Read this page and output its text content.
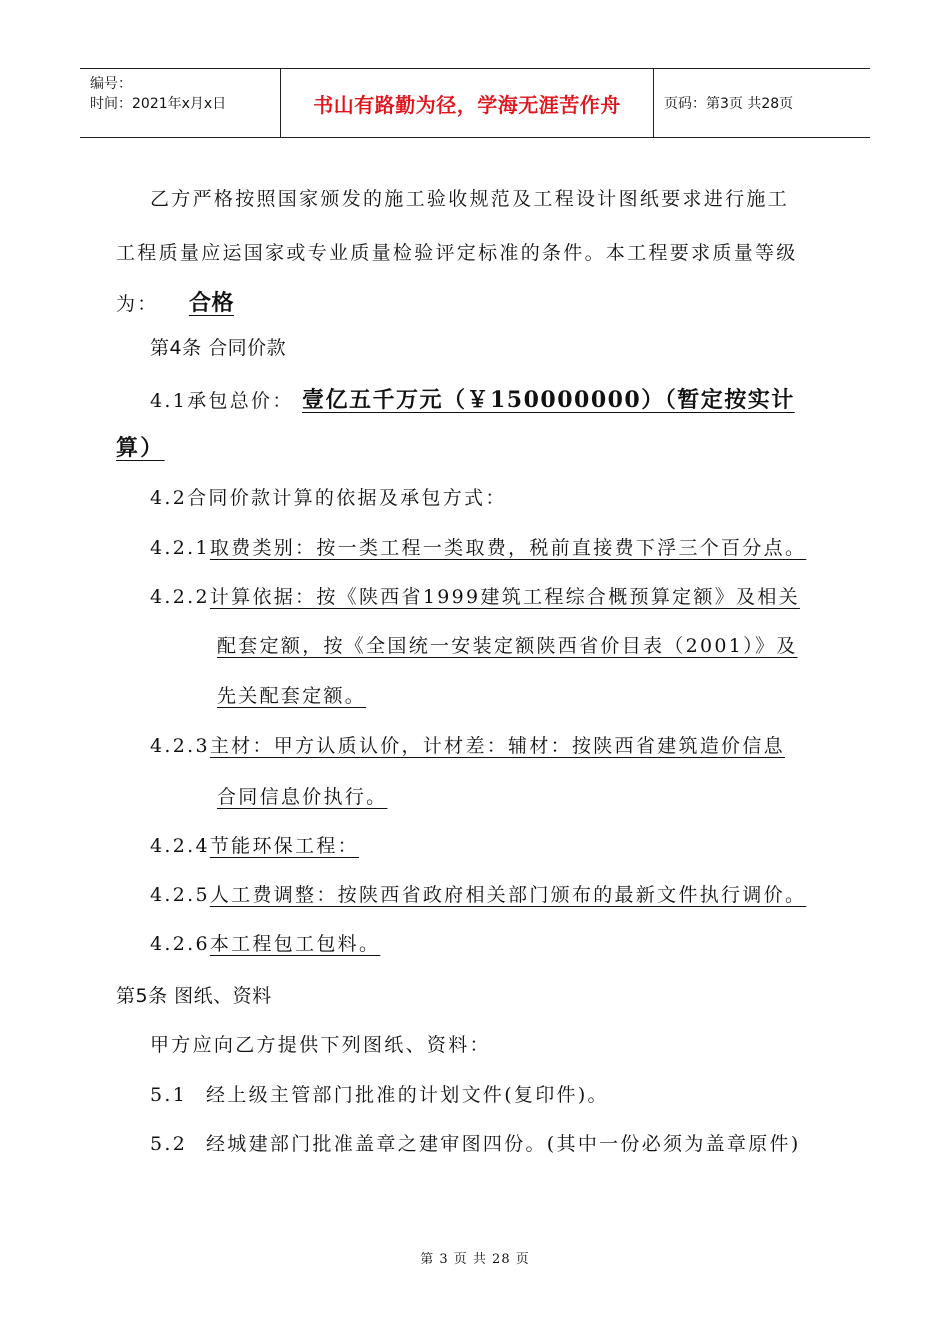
编号：
时间：2021年x月x日	书山有路勤为径，学海无涯苦作舟	页码：第3页 共28页
乙方严格按照国家颁发的施工验收规范及工程设计图纸要求进行施工
工程质量应运国家或专业质量检验评定标准的条件。本工程要求质量等级
为： 合格
第4条 合同价款
4.1承包总价： 壹亿五千万元（￥150000000）（暂定按实计
算）
4.2合同价款计算的依据及承包方式：
4.2.1取费类别：按一类工程一类取费，税前直接费下浮三个百分点。
4.2.2计算依据：按《陕西省1999建筑工程综合概预算定额》及相关
配套定额，按《全国统一安装定额陕西省价目表（2001）》及
先关配套定额。
4.2.3主材：甲方认质认价，计材差：辅材：按陕西省建筑造价信息
合同信息价执行。
4.2.4节能环保工程：
4.2.5人工费调整：按陕西省政府相关部门颁布的最新文件执行调价。
4.2.6本工程包工包料。
第5条 图纸、资料
甲方应向乙方提供下列图纸、资料：
5.1 经上级主管部门批准的计划文件(复印件)。
5.2 经城建部门批准盖章之建审图四份。(其中一份必须为盖章原件)
第 3 页 共 28 页
